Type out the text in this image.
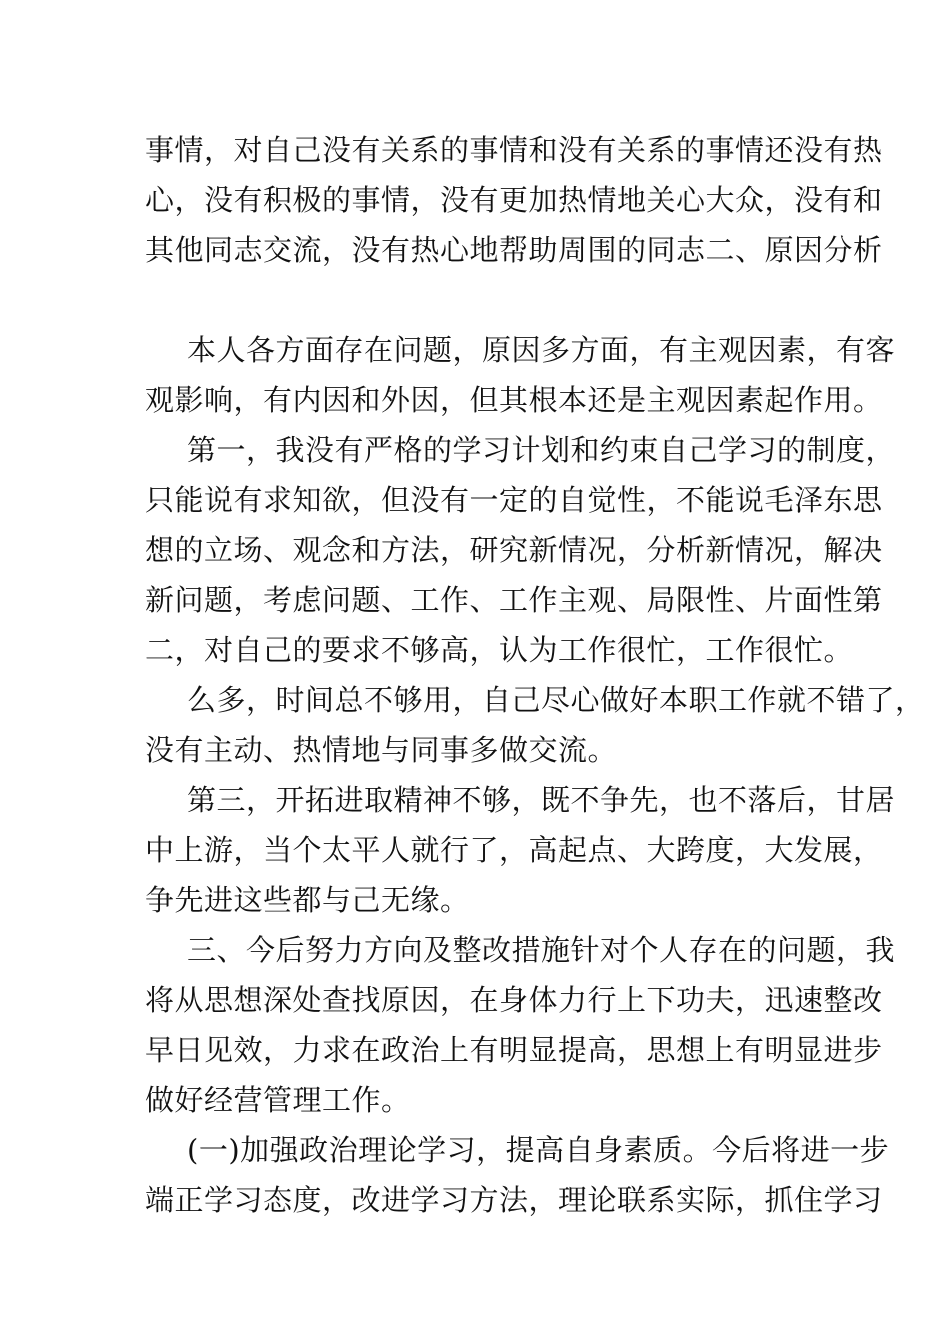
事情，对自己没有关系的事情和没有关系的事情还没有热
心，没有积极的事情，没有更加热情地关心大众，没有和
其他同志交流，没有热心地帮助周围的同志二、原因分析
本人各方面存在问题，原因多方面，有主观因素，有客
观影响，有内因和外因，但其根本还是主观因素起作用。
第一，我没有严格的学习计划和约束自己学习的制度，
只能说有求知欲，但没有一定的自觉性，不能说毛泽东思
想的立场、观念和方法，研究新情况，分析新情况，解决
新问题，考虑问题、工作、工作主观、局限性、片面性第
二，对自己的要求不够高，认为工作很忙，工作很忙。
么多，时间总不够用，自己尽心做好本职工作就不错了，
没有主动、热情地与同事多做交流。
第三，开拓进取精神不够，既不争先，也不落后，甘居
中上游，当个太平人就行了，高起点、大跨度，大发展，
争先进这些都与己无缘。
三、今后努力方向及整改措施针对个人存在的问题，我
将从思想深处查找原因，在身体力行上下功夫，迅速整改
早日见效，力求在政治上有明显提高，思想上有明显进步
做好经营管理工作。
(一)加强政治理论学习，提高自身素质。今后将进一步
端正学习态度，改进学习方法，理论联系实际，抓住学习
